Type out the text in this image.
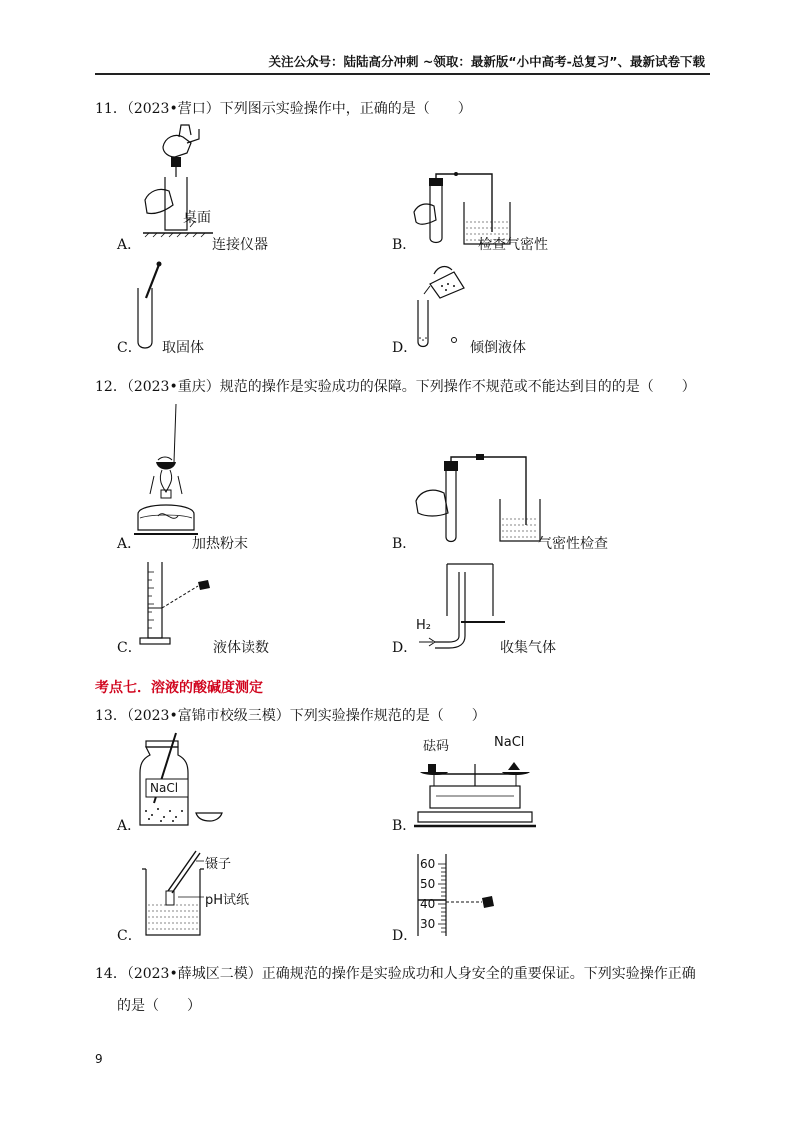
关注公众号：陆陆高分冲刺 ~领取：最新版“小中高考-总复习”、最新试卷下载
11．（2023•营口）下列图示实验操作中，正确的是（　　）
桌面
A．	连接仪器	B．	检查气密性
C． 取固体	D．	倾倒液体
12．（2023•重庆）规范的操作是实验成功的保障。下列操作不规范或不能达到目的的是（　　）
A．	加热粉末	B．	气密性检查
C．	液体读数
H₂
D．	收集气体
考点七．溶液的酸碱度测定
13．（2023•富锦市校级三模）下列实验操作规范的是（　　）
NaCl
A．
砝码	NaCl
B．
镊子
pH试纸
C．
60
50
40
30
D．
14．（2023•薛城区二模）正确规范的操作是实验成功和人身安全的重要保证。下列实验操作正确
的是（　　）
9
